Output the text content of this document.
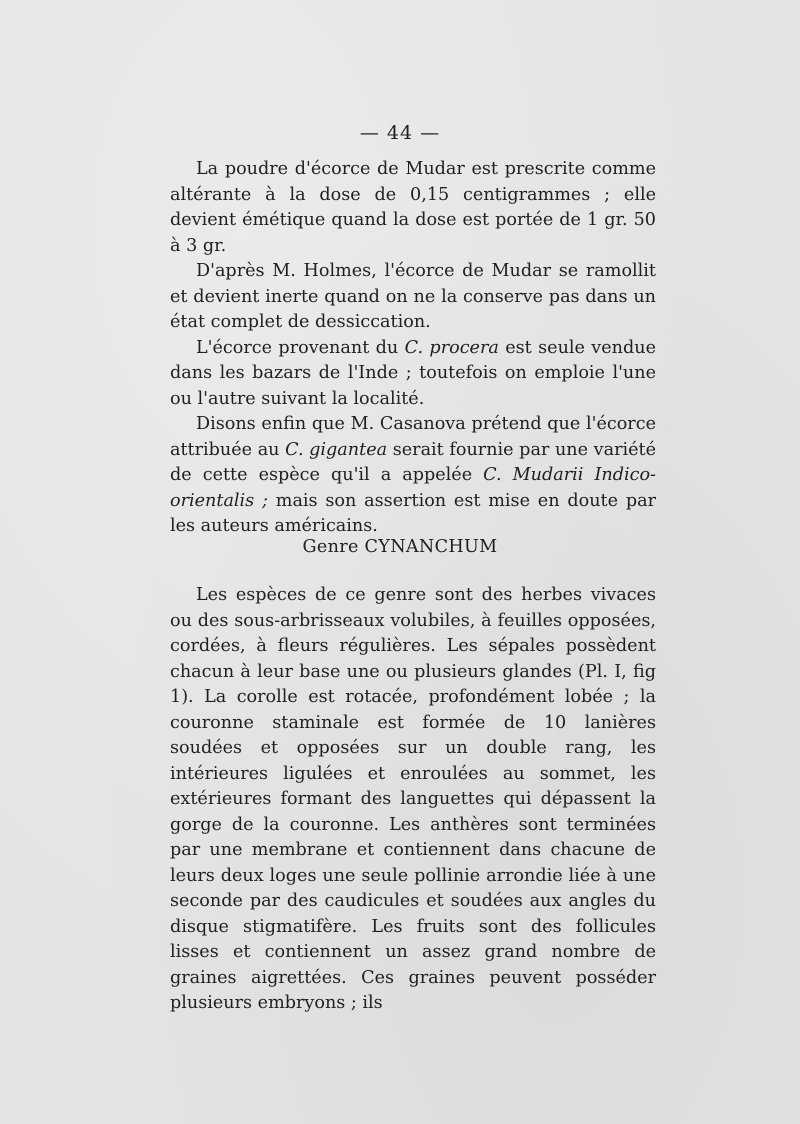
— 44 —

La poudre d'écorce de Mudar est prescrite comme altérante à la dose de 0,15 centigrammes ; elle devient émétique quand la dose est portée de 1 gr. 50 à 3 gr.

D'après M. Holmes, l'écorce de Mudar se ramollit et devient inerte quand on ne la conserve pas dans un état complet de dessiccation.

L'écorce provenant du C. procera est seule vendue dans les bazars de l'Inde ; toutefois on emploie l'une ou l'autre suivant la localité.

Disons enfin que M. Casanova prétend que l'écorce attribuée au C. gigantea serait fournie par une variété de cette espèce qu'il a appelée C. Mudarii Indico-orientalis ; mais son assertion est mise en doute par les auteurs américains.

Genre CYNANCHUM

Les espèces de ce genre sont des herbes vivaces ou des sous-arbrisseaux volubiles, à feuilles opposées, cordées, à fleurs régulières. Les sépales possèdent chacun à leur base une ou plusieurs glandes (Pl. I, fig 1). La corolle est rotacée, profondément lobée ; la couronne staminale est formée de 10 lanières soudées et opposées sur un double rang, les intérieures ligulées et enroulées au sommet, les extérieures formant des languettes qui dépassent la gorge de la couronne. Les anthères sont terminées par une membrane et contiennent dans chacune de leurs deux loges une seule pollinie arrondie liée à une seconde par des caudicules et soudées aux angles du disque stigmatifère. Les fruits sont des follicules lisses et contiennent un assez grand nombre de graines aigrettées. Ces graines peuvent posséder plusieurs embryons ; ils
